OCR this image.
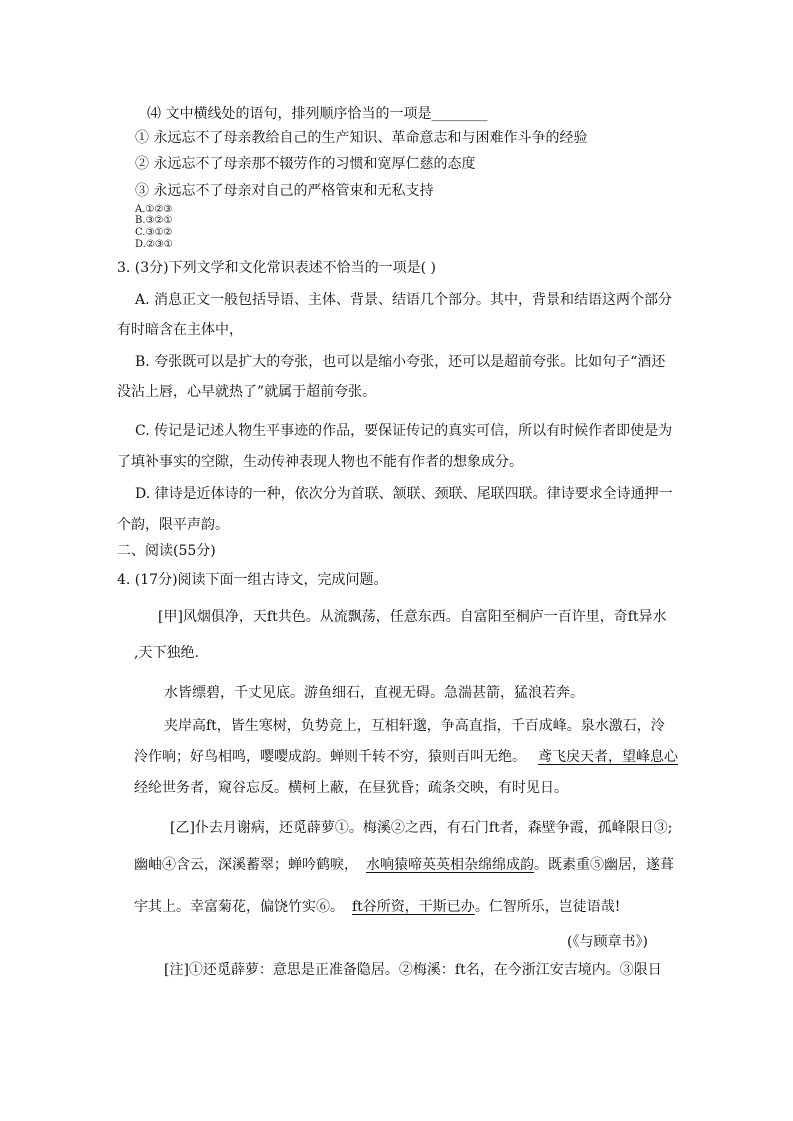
⑷ 文中横线处的语句，排列顺序恰当的一项是________
① 永远忘不了母亲教给自己的生产知识、革命意志和与困难作斗争的经验
② 永远忘不了母亲那不辍劳作的习惯和宽厚仁慈的态度
③ 永远忘不了母亲对自己的严格管束和无私支持
A.①②③
B.③②①
C.③①②
D.②③①
3. (3分)下列文学和文化常识表述不恰当的一项是( )
A. 消息正文一般包括导语、主体、背景、结语几个部分。其中，背景和结语这两个部分
有时暗含在主体中，
B. 夸张既可以是扩大的夸张，也可以是缩小夸张，还可以是超前夸张。比如句子“酒还
没沾上唇，心早就热了”就属于超前夸张。
C. 传记是记述人物生平事迹的作品，要保证传记的真实可信，所以有时候作者即使是为
了填补事实的空隙，生动传神表现人物也不能有作者的想象成分。
D. 律诗是近体诗的一种，依次分为首联、颔联、颈联、尾联四联。律诗要求全诗通押一
个韵，限平声韵。
二、阅读(55分)
4. (17分)阅读下面一组古诗文，完成问题。
[甲]风烟俱净，天ft共色。从流飘荡，任意东西。自富阳至桐庐一百许里，奇ft异水
,天下独绝.
水皆缥碧，千丈见底。游鱼细石，直视无碍。急湍甚箭，猛浪若奔。
夹岸高ft，皆生寒树，负势竞上，互相轩邈，争高直指，千百成峰。泉水激石，泠
泠作响；好鸟相鸣，嘤嘤成韵。蝉则千转不穷，猿则百叫无绝。 鸢飞戾天者，望峰息心
经纶世务者，窥谷忘反。横柯上蔽，在昼犹昏；疏条交映，有时见日。
[乙]仆去月谢病，还觅薜萝①。梅溪②之西，有石门ft者，森壁争霞，孤峰限日③;
幽岫④含云，深溪蓄翠；蝉吟鹤唳， 水响猿啼英英相杂绵绵成韵。既素重⑤幽居，遂葺
宇其上。幸富菊花，偏饶竹实⑥。 ft谷所资，干斯已办。仁智所乐，岂徒语哉!
(《与顾章书》)
[注]①还觅薜萝：意思是正准备隐居。②梅溪：ft名，在今浙江安吉境内。③限日
